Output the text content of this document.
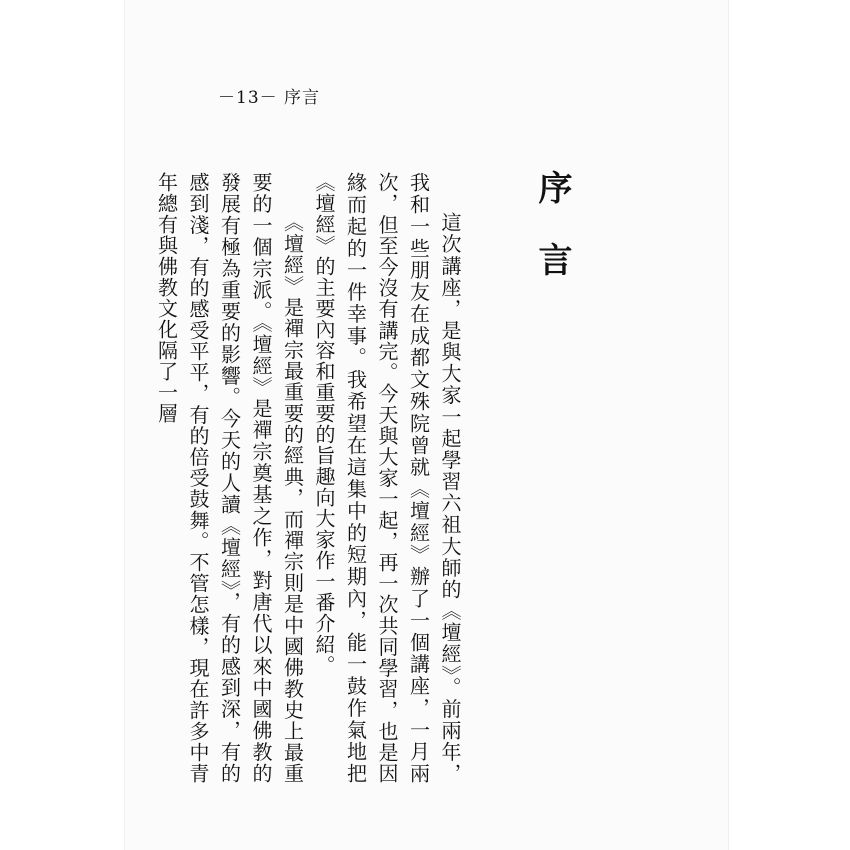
－13－ 序言
序言

這次講座，是與大家一起學習六祖大師的《壇經》。前兩年，我和一些朋友在成都文殊院曾就《壇經》辦了一個講座，一月兩次，但至今沒有講完。今天與大家一起，再一次共同學習，也是因緣而起的一件幸事。我希望在這集中的短期內，能一鼓作氣地把《壇經》的主要內容和重要的旨趣向大家作一番介紹。

《壇經》是禪宗最重要的經典，而禪宗則是中國佛教史上最重要的一個宗派。《壇經》是禪宗奠基之作，對唐代以來中國佛教的發展有極為重要的影響。今天的人讀《壇經》，有的感到深，有的感到淺，有的感受平平，有的倍受鼓舞。不管怎樣，現在許多中青年總有與佛教文化隔了一層
